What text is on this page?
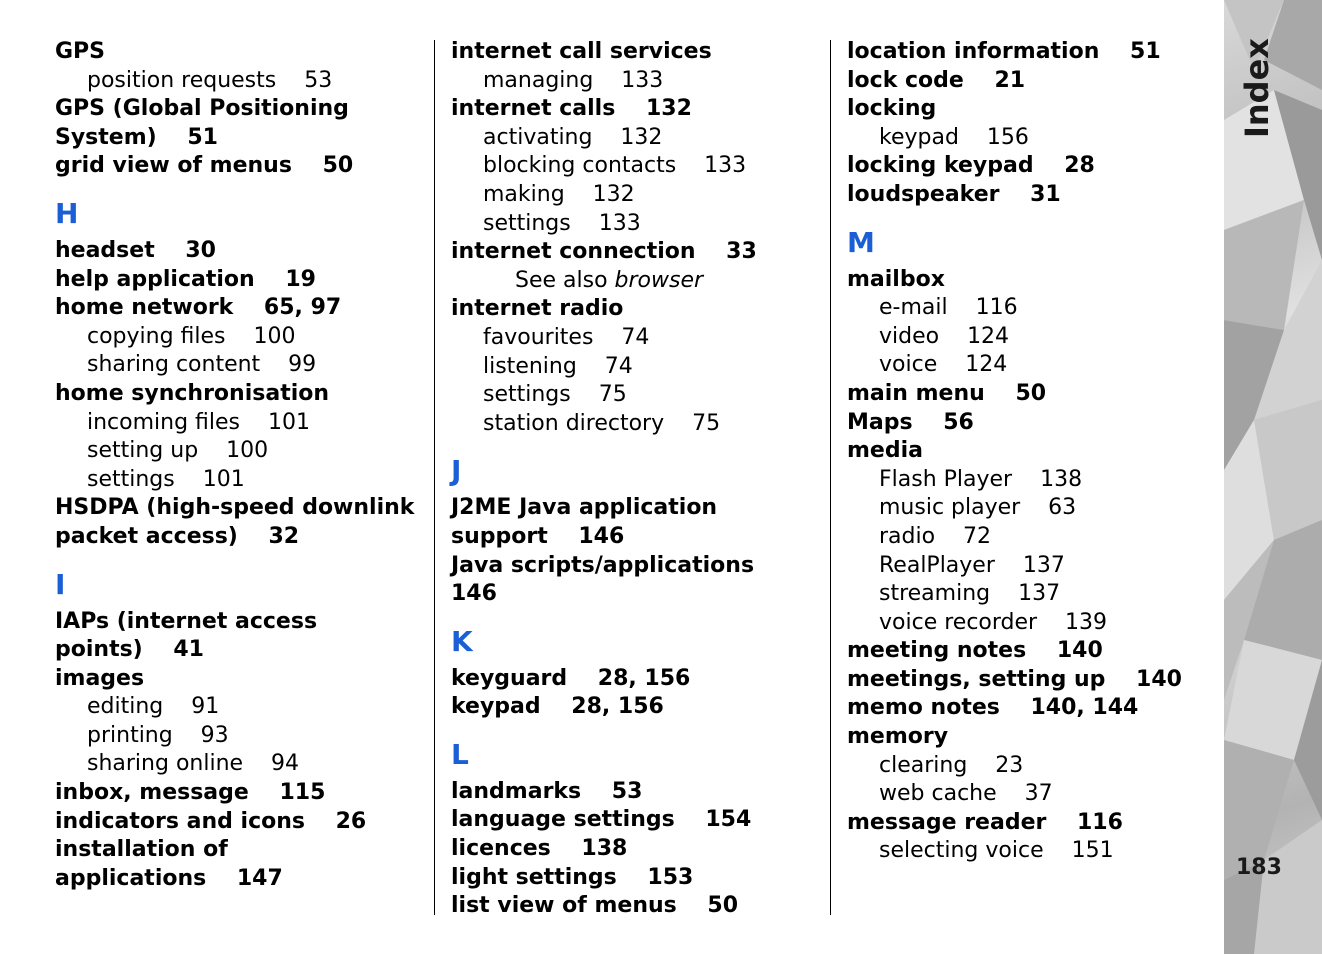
Index
183
GPS
position requests    53
GPS (Global Positioning
System)    51
grid view of menus    50
H
headset    30
help application    19
home network    65, 97
copying files    100
sharing content    99
home synchronisation
incoming files    101
setting up    100
settings    101
HSDPA (high-speed downlink
packet access)    32
I
IAPs (internet access
points)    41
images
editing    91
printing    93
sharing online    94
inbox, message    115
indicators and icons    26
installation of
applications    147
internet call services
managing    133
internet calls    132
activating    132
blocking contacts    133
making    132
settings    133
internet connection    33
See also browser
internet radio
favourites    74
listening    74
settings    75
station directory    75
J
J2ME Java application
support    146
Java scripts/applications    146
K
keyguard    28, 156
keypad    28, 156
L
landmarks    53
language settings    154
licences    138
light settings    153
list view of menus    50
location information    51
lock code    21
locking
keypad    156
locking keypad    28
loudspeaker    31
M
mailbox
e-mail    116
video    124
voice    124
main menu    50
Maps    56
media
Flash Player    138
music player    63
radio    72
RealPlayer    137
streaming    137
voice recorder    139
meeting notes    140
meetings, setting up    140
memo notes    140, 144
memory
clearing    23
web cache    37
message reader    116
selecting voice    151
